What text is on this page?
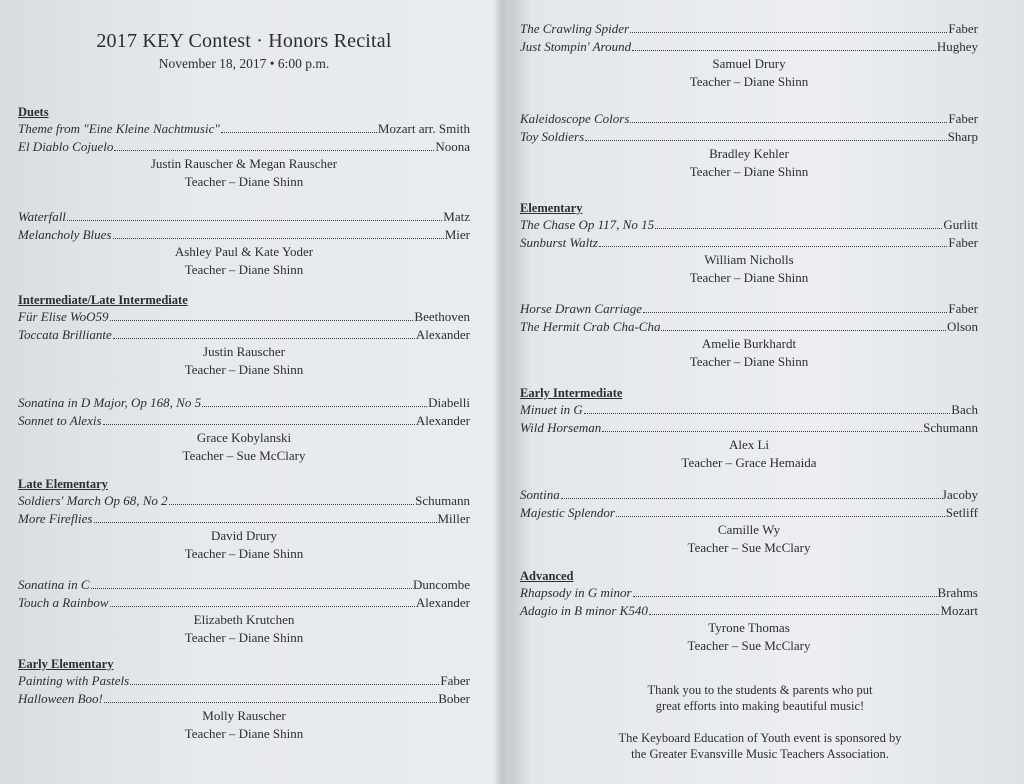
2017 KEY Contest · Honors Recital
November 18, 2017 • 6:00 p.m.
Duets
Theme from "Eine Kleine Nachtmusic"	Mozart arr. Smith
El Diablo Cojuelo	Noona
Justin Rauscher & Megan Rauscher
Teacher – Diane Shinn
Waterfall	Matz
Melancholy Blues	Mier
Ashley Paul & Kate Yoder
Teacher – Diane Shinn
Intermediate/Late Intermediate
Für Elise WoO59	Beethoven
Toccata Brilliante	Alexander
Justin Rauscher
Teacher – Diane Shinn
Sonatina in D Major, Op 168, No 5	Diabelli
Sonnet to Alexis	Alexander
Grace Kobylanski
Teacher – Sue McClary
Late Elementary
Soldiers' March Op 68, No 2	Schumann
More Fireflies	Miller
David Drury
Teacher – Diane Shinn
Sonatina in C	Duncombe
Touch a Rainbow	Alexander
Elizabeth Krutchen
Teacher – Diane Shinn
Early Elementary
Painting with Pastels	Faber
Halloween Boo!	Bober
Molly Rauscher
Teacher – Diane Shinn
The Crawling Spider	Faber
Just Stompin' Around	Hughey
Samuel Drury
Teacher – Diane Shinn
Kaleidoscope Colors	Faber
Toy Soldiers	Sharp
Bradley Kehler
Teacher – Diane Shinn
Elementary
The Chase Op 117, No 15	Gurlitt
Sunburst Waltz	Faber
William Nicholls
Teacher – Diane Shinn
Horse Drawn Carriage	Faber
The Hermit Crab Cha-Cha	Olson
Amelie Burkhardt
Teacher – Diane Shinn
Early Intermediate
Minuet in G	Bach
Wild Horseman	Schumann
Alex Li
Teacher – Grace Hemaida
Sontina	Jacoby
Majestic Splendor	Setliff
Camille Wy
Teacher – Sue McClary
Advanced
Rhapsody in G minor	Brahms
Adagio in B minor K540	Mozart
Tyrone Thomas
Teacher – Sue McClary

Thank you to the students & parents who put

great efforts into making beautiful music!

The Keyboard Education of Youth event is sponsored by

the Greater Evansville Music Teachers Association.
